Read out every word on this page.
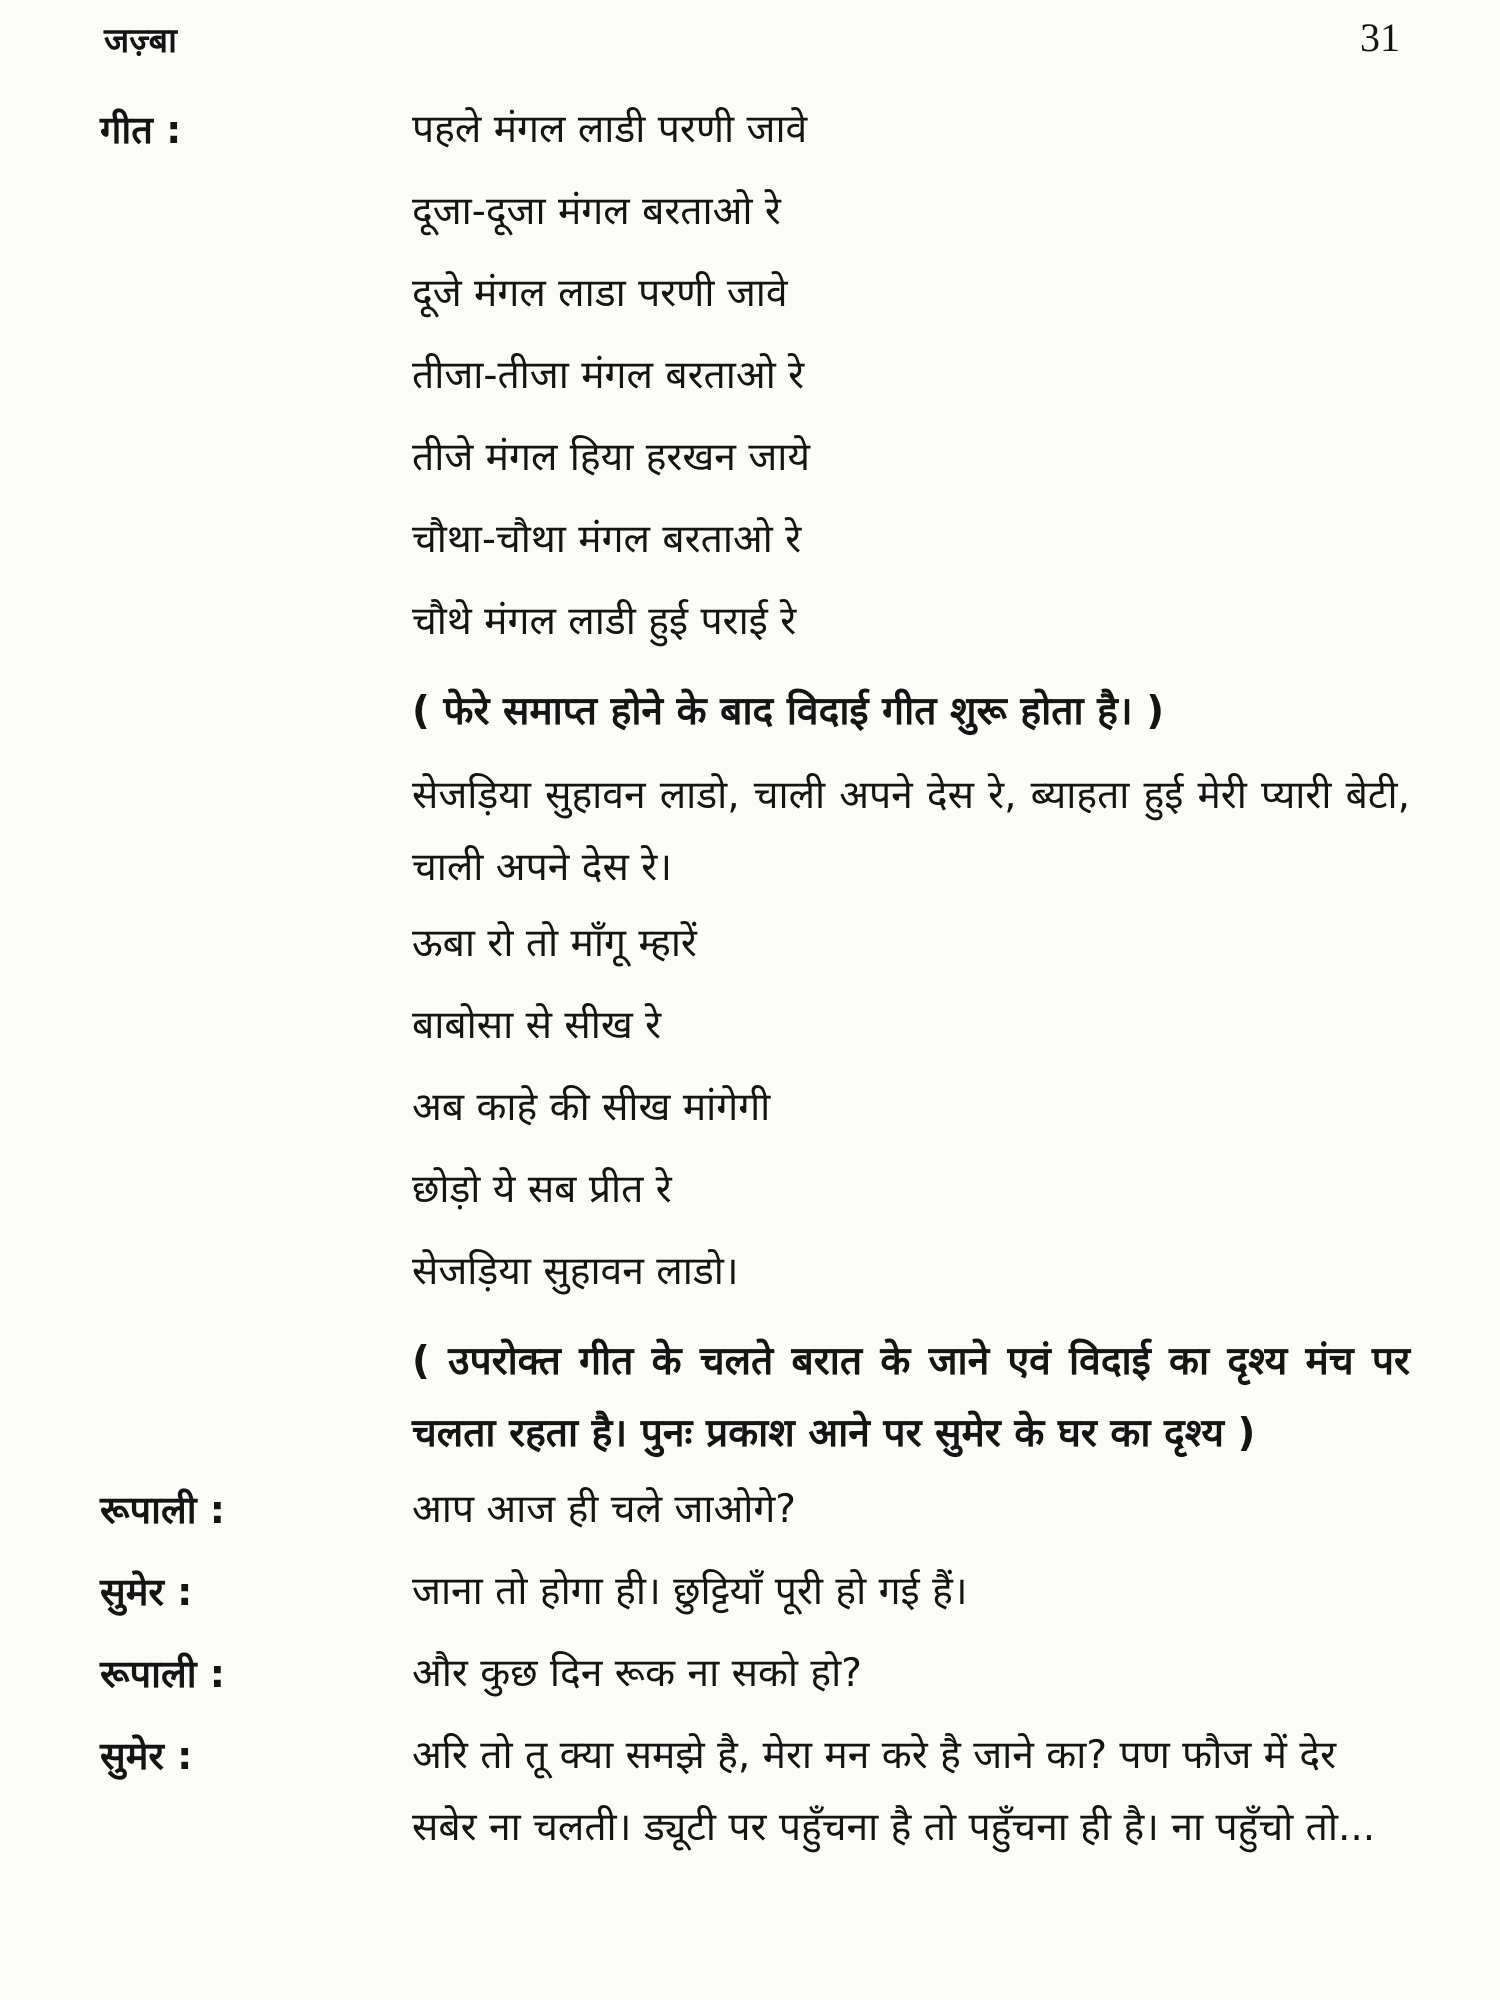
जज़्बा	31
गीत :	पहले मंगल लाडी परणी जावे
दूजा-दूजा मंगल बरताओ रे
दूजे मंगल लाडा परणी जावे
तीजा-तीजा मंगल बरताओ रे
तीजे मंगल हिया हरखन जाये
चौथा-चौथा मंगल बरताओ रे
चौथे मंगल लाडी हुई पराई रे
( फेरे समाप्त होने के बाद विदाई गीत शुरू होता है। )
सेजड़िया सुहावन लाडो, चाली अपने देस रे, ब्याहता हुई मेरी प्यारी बेटी, चाली अपने देस रे।
ऊबा रो तो माँगू म्हारें
बाबोसा से सीख रे
अब काहे की सीख मांगेगी
छोड़ो ये सब प्रीत रे
सेजड़िया सुहावन लाडो।
( उपरोक्त गीत के चलते बरात के जाने एवं विदाई का दृश्य मंच पर चलता रहता है। पुनः प्रकाश आने पर सुमेर के घर का दृश्य )
रूपाली :	आप आज ही चले जाओगे?
सुमेर :	जाना तो होगा ही। छुट्टियाँ पूरी हो गई हैं।
रूपाली :	और कुछ दिन रूक ना सको हो?
सुमेर :	अरि तो तू क्या समझे है, मेरा मन करे है जाने का? पण फौज में देर सबेर ना चलती। ड्यूटी पर पहुँचना है तो पहुँचना ही है। ना पहुँचो तो...
